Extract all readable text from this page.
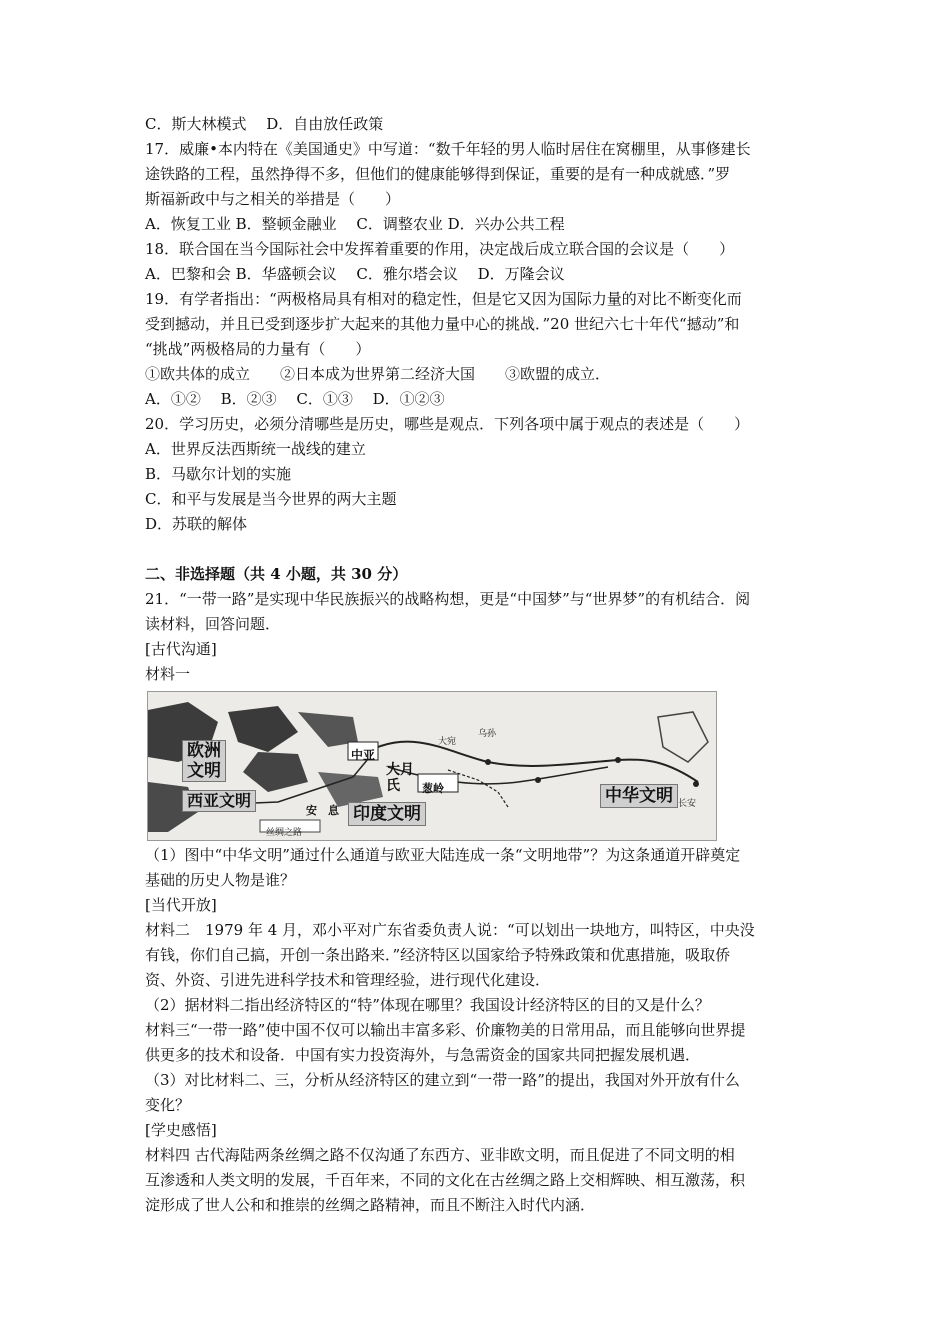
C．斯大林模式　 D．自由放任政策
17．威廉•本内特在《美国通史》中写道：“数千年轻的男人临时居住在窝棚里，从事修建长
途铁路的工程，虽然挣得不多，但他们的健康能够得到保证，重要的是有一种成就感．”罗
斯福新政中与之相关的举措是（　　）
A．恢复工业 B．整顿金融业　 C．调整农业 D．兴办公共工程
18．联合国在当今国际社会中发挥着重要的作用，决定战后成立联合国的会议是（　　）
A．巴黎和会 B．华盛顿会议　 C．雅尔塔会议　 D．万隆会议
19．有学者指出：“两极格局具有相对的稳定性，但是它又因为国际力量的对比不断变化而
受到撼动，并且已受到逐步扩大起来的其他力量中心的挑战．”20 世纪六七十年代“撼动”和
“挑战”两极格局的力量有（　　）
①欧共体的成立　　②日本成为世界第二经济大国　　③欧盟的成立．
A．①②　 B．②③　 C．①③　 D．①②③
20．学习历史，必须分清哪些是历史，哪些是观点．下列各项中属于观点的表述是（　　）
A．世界反法西斯统一战线的建立
B．马歇尔计划的实施
C．和平与发展是当今世界的两大主题
D．苏联的解体
二、非选择题（共 4 小题，共 30 分）
21．“一带一路”是实现中华民族振兴的战略构想，更是“中国梦”与“世界梦”的有机结合．阅
读材料，回答问题．
[古代沟通]
材料一
欧洲
文明
西亚文明
印度文明
中华文明
中亚
大月
氏	葱岭
大宛
乌孙
长安
安　息
丝绸之路
（1）图中“中华文明”通过什么通道与欧亚大陆连成一条“文明地带”？为这条通道开辟奠定
基础的历史人物是谁？
[当代开放]
材料二　1979 年 4 月，邓小平对广东省委负责人说：“可以划出一块地方，叫特区，中央没
有钱，你们自己搞，开创一条出路来．”经济特区以国家给予特殊政策和优惠措施，吸取侨
资、外资、引进先进科学技术和管理经验，进行现代化建设．
（2）据材料二指出经济特区的“特”体现在哪里？我国设计经济特区的目的又是什么？
材料三“一带一路”使中国不仅可以输出丰富多彩、价廉物美的日常用品，而且能够向世界提
供更多的技术和设备．中国有实力投资海外，与急需资金的国家共同把握发展机遇．
（3）对比材料二、三，分析从经济特区的建立到“一带一路”的提出，我国对外开放有什么
变化？
[学史感悟]
材料四 古代海陆两条丝绸之路不仅沟通了东西方、亚非欧文明，而且促进了不同文明的相
互渗透和人类文明的发展，千百年来，不同的文化在古丝绸之路上交相辉映、相互激荡，积
淀形成了世人公和和推崇的丝绸之路精神，而且不断注入时代内涵．
